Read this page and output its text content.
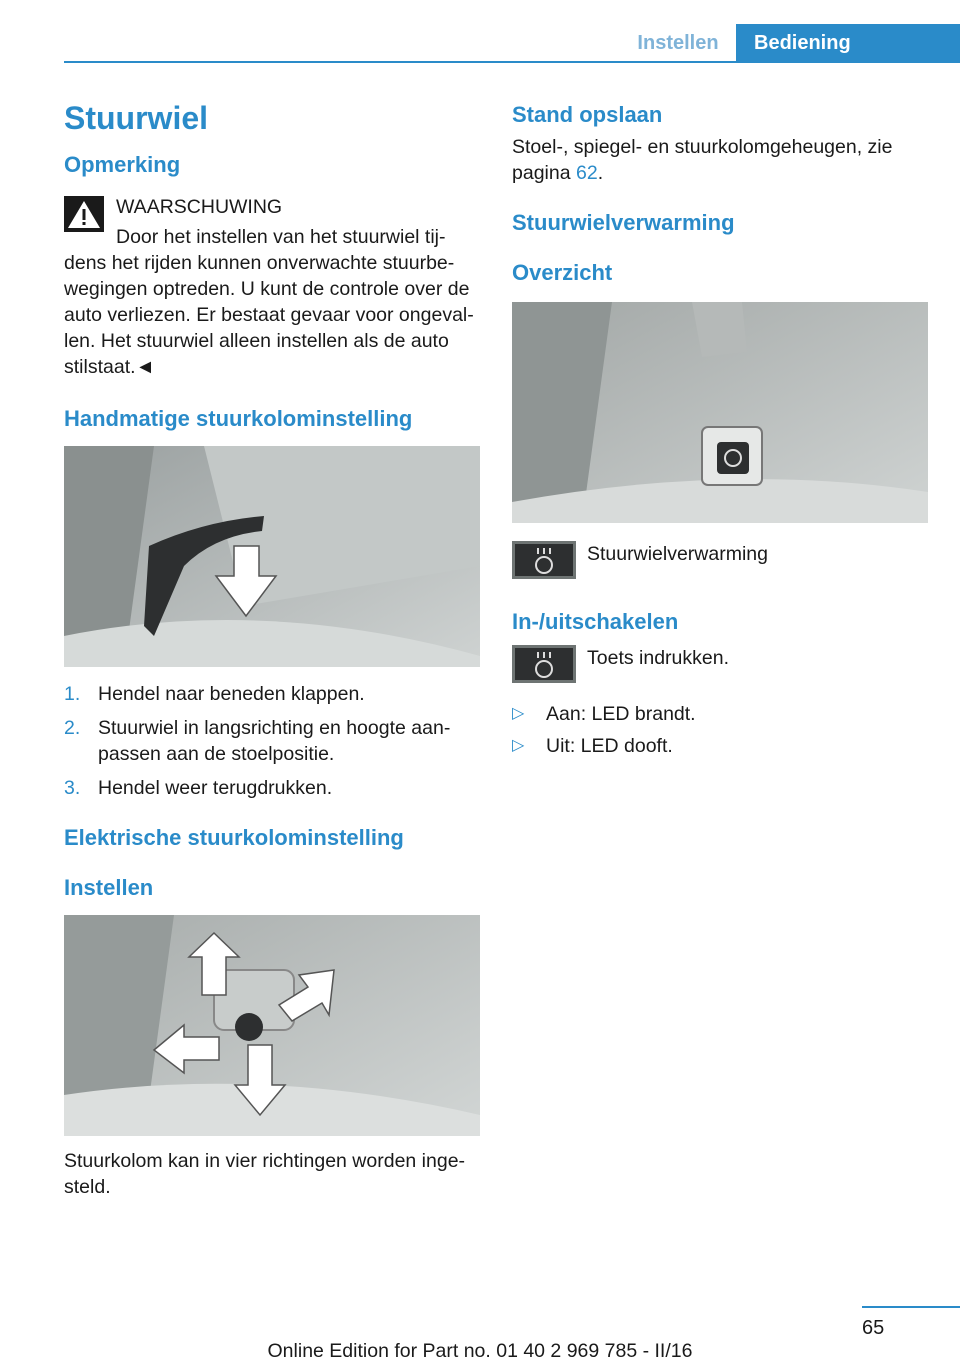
Instellen	Bediening
Stuurwiel
Opmerking

WAARSCHUWING

Door het instellen van het stuurwiel tij-

dens het rijden kunnen onverwachte stuurbewegingen optreden. U kunt de controle over de auto verliezen. Er bestaat gevaar voor ongevallen. Het stuurwiel alleen instellen als de auto stilstaat.◄

Handmatige stuurkolominstelling
1. Hendel naar beneden klappen.
2. Stuurwiel in langsrichting en hoogte aanpassen aan de stoelpositie.
3. Hendel weer terugdrukken.
Elektrische stuurkolominstelling
Instellen

Stuurkolom kan in vier richtingen worden ingesteld.

Stand opslaan

Stoel-, spiegel- en stuurkolomgeheugen, zie pagina 62.

Stuurwielverwarming
Overzicht

Stuurwielverwarming

In-/uitschakelen

Toets indrukken.

▷ Aan: LED brandt.
▷ Uit: LED dooft.
65
Online Edition for Part no. 01 40 2 969 785 - II/16
